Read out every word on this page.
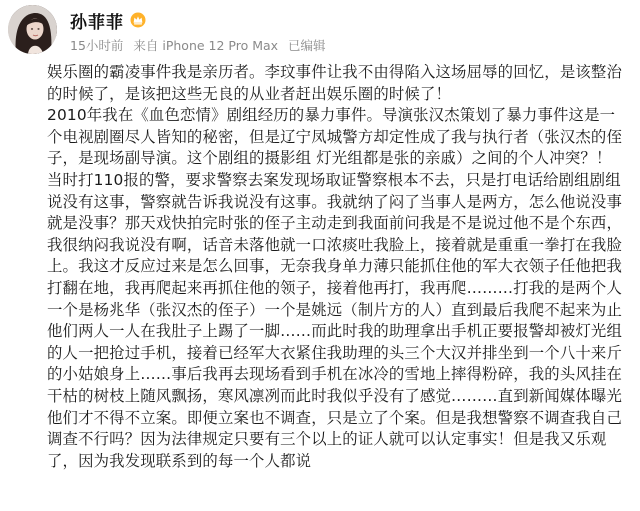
孙菲菲
15小时前 来自 iPhone 12 Pro Max 已编辑

娱乐圈的霸凌事件我是亲历者。李玟事件让我不由得陷入这场屈辱的回忆，是该整治的时候了，是该把这些无良的从业者赶出娱乐圈的时候了！

2010年我在《血色恋情》剧组经历的暴力事件。导演张汉杰策划了暴力事件这是一个电视剧圈尽人皆知的秘密，但是辽宁凤城警方却定性成了我与执行者（张汉杰的侄子，是现场副导演。这个剧组的摄影组 灯光组都是张的亲戚）之间的个人冲突？！当时打110报的警，要求警察去案发现场取证警察根本不去，只是打电话给剧组剧组说没有这事，警察就告诉我说没有这事。我就纳了闷了当事人是两方，怎么他说没事就是没事？那天戏快拍完时张的侄子主动走到我面前问我是不是说过他不是个东西，我很纳闷我说没有啊，话音未落他就一口浓痰吐我脸上，接着就是重重一拳打在我脸上。我这才反应过来是怎么回事，无奈我身单力薄只能抓住他的军大衣领子任他把我打翻在地，我再爬起来再抓住他的领子，接着他再打，我再爬………打我的是两个人一个是杨兆华（张汉杰的侄子）一个是姚远（制片方的人）直到最后我爬不起来为止他们两人一人在我肚子上踢了一脚……而此时我的助理拿出手机正要报警却被灯光组的人一把抢过手机，接着已经军大衣紧住我助理的头三个大汉并排坐到一个八十来斤的小姑娘身上……事后我再去现场看到手机在冰冷的雪地上摔得粉碎，我的头风挂在干枯的树枝上随风飘扬，寒风凛冽而此时我似乎没有了感觉………直到新闻媒体曝光他们才不得不立案。即便立案也不调查，只是立了个案。但是我想警察不调查我自己调查不行吗？因为法律规定只要有三个以上的证人就可以认定事实！但是我又乐观了，因为我发现联系到的每一个人都说
